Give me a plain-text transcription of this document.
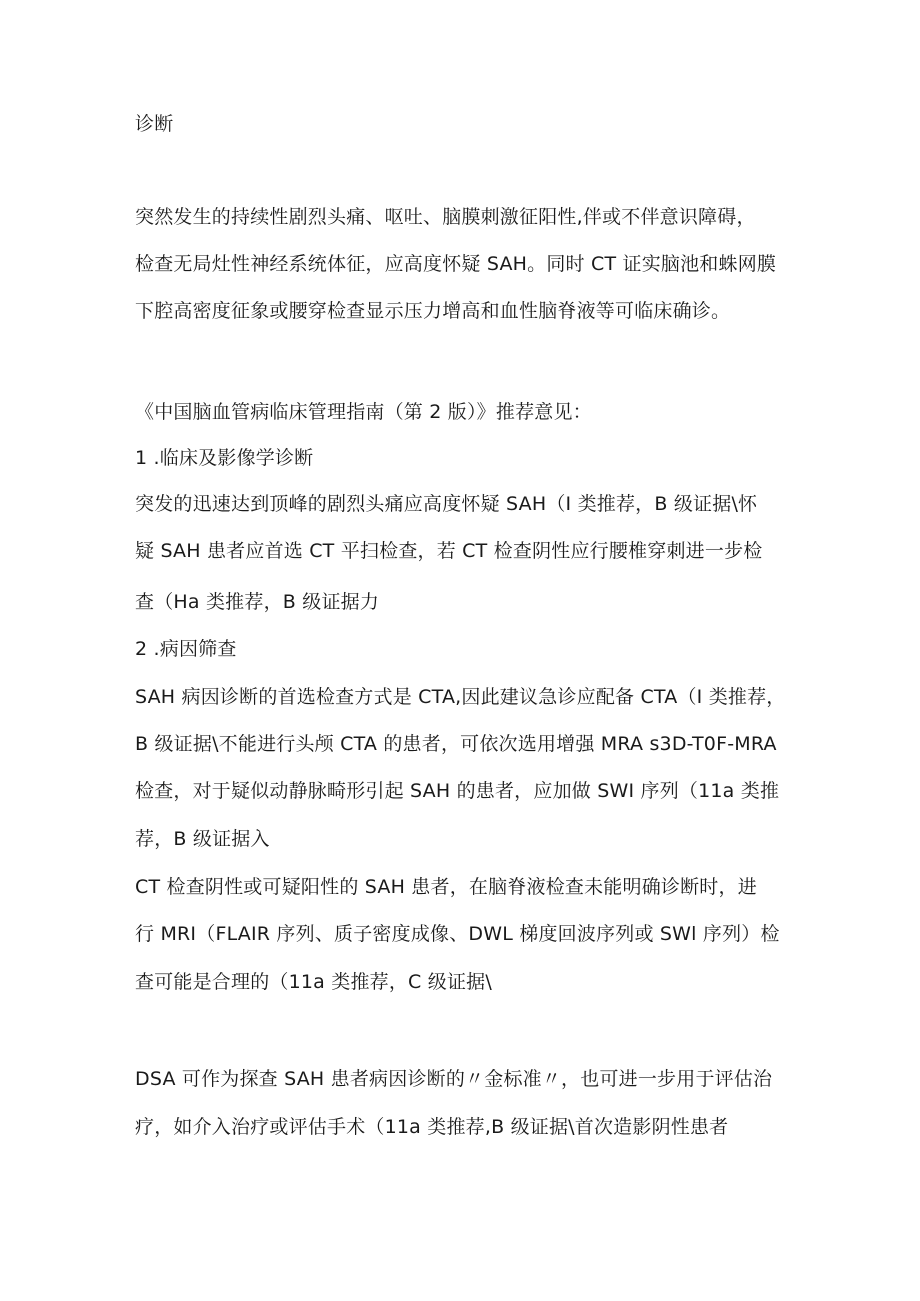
诊断
突然发生的持续性剧烈头痛、呕吐、脑膜刺激征阳性,伴或不伴意识障碍，
检查无局灶性神经系统体征，应高度怀疑 SAH。同时 CT 证实脑池和蛛网膜
下腔高密度征象或腰穿检查显示压力增高和血性脑脊液等可临床确诊。
《中国脑血管病临床管理指南（第 2 版）》推荐意见：
1 .临床及影像学诊断
突发的迅速达到顶峰的剧烈头痛应高度怀疑 SAH（I 类推荐，B 级证据\怀
疑 SAH 患者应首选 CT 平扫检查，若 CT 检查阴性应行腰椎穿刺进一步检
查（Ha 类推荐，B 级证据力
2 .病因筛查
SAH 病因诊断的首选检查方式是 CTA,因此建议急诊应配备 CTA（I 类推荐，
B 级证据\不能进行头颅 CTA 的患者，可依次选用增强 MRA s3D-T0F-MRA
检查，对于疑似动静脉畸形引起 SAH 的患者，应加做 SWI 序列（11a 类推
荐，B 级证据入
CT 检查阴性或可疑阳性的 SAH 患者，在脑脊液检查未能明确诊断时，进
行 MRI（FLAIR 序列、质子密度成像、DWL 梯度回波序列或 SWl 序列）检
查可能是合理的（11a 类推荐，C 级证据\
DSA 可作为探查 SAH 患者病因诊断的〃金标准〃，也可进一步用于评估治
疗，如介入治疗或评估手术（11a 类推荐,B 级证据\首次造影阴性患者
